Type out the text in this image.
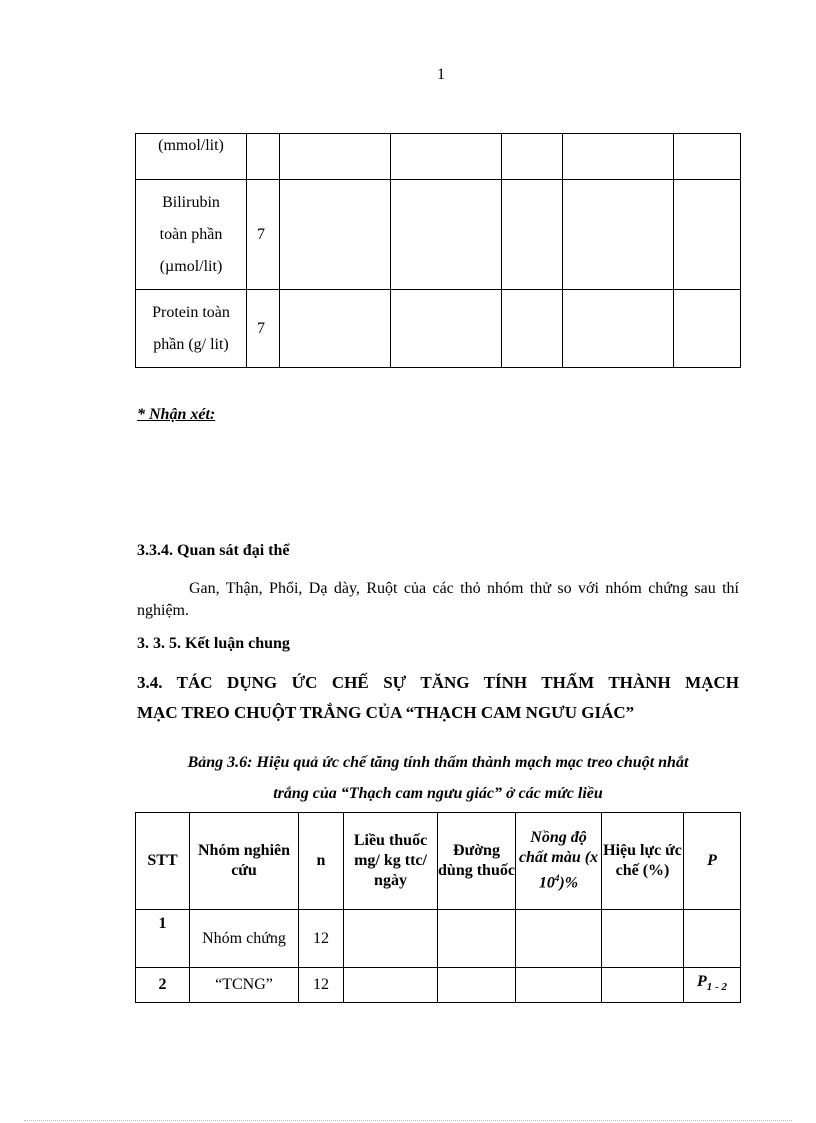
1
(mmol/lit)						

Bilirubin
toàn phần
(µmol/lit)	7					

Protein toàn
phần (g/ lit)	7					
* Nhận xét:
3.3.4. Quan sát đại thể
Gan, Thận, Phổi, Dạ dày, Ruột của các thỏ nhóm thử so với nhóm chứng sau thí nghiệm.
3. 3. 5. Kết luận chung
3.4. TÁC DỤNG ỨC CHẾ SỰ TĂNG TÍNH THẤM THÀNH MẠCH
MẠC TREO CHUỘT TRẮNG CỦA “THẠCH CAM NGƯU GIÁC”
Bảng 3.6: Hiệu quả ức chế tăng tính thấm thành mạch mạc treo chuột nhắt
trắng của “Thạch cam ngưu giác” ở các mức liều
STT	Nhóm nghiên cứu	n	Liều thuốc mg/ kg ttc/ ngày	Đường dùng thuốc	Nồng độ chất màu (x $10^4)\%$	Hiệu lực ức chế (%)	P
1	Nhóm chứng	12					
2	“TCNG”	12					$P_{1 - 2}$
